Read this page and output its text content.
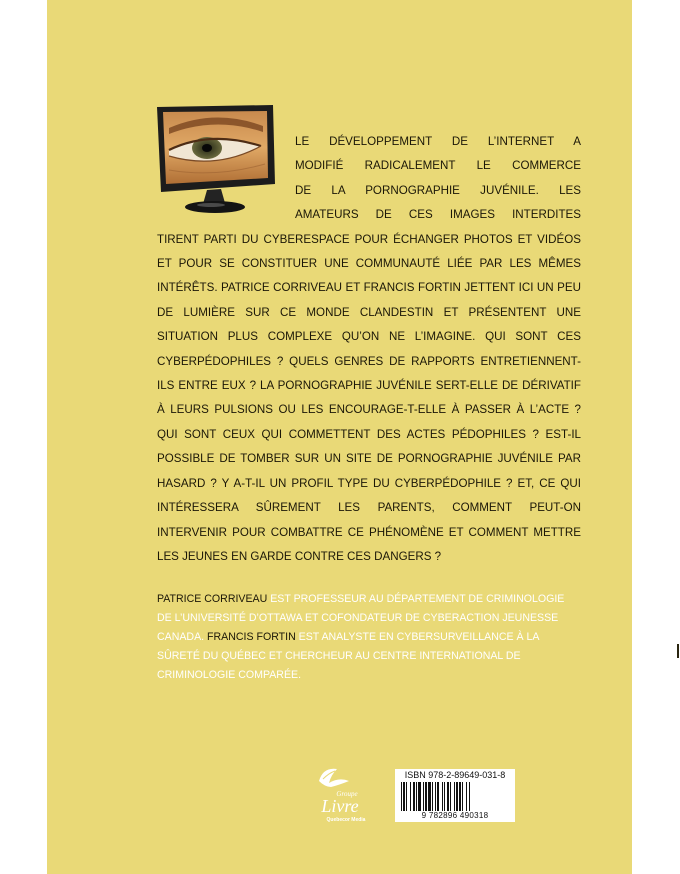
LE DÉVELOPPEMENT DE L’INTERNET A
MODIFIÉ RADICALEMENT LE COMMERCE
DE LA PORNOGRAPHIE JUVÉNILE. LES
AMATEURS DE CES IMAGES INTERDITES
TIRENT PARTI DU CYBERESPACE POUR ÉCHANGER PHOTOS ET VIDÉOS ET POUR SE CONSTITUER UNE COMMUNAUTÉ LIÉE PAR LES MÊMES INTÉRÊTS. PATRICE CORRIVEAU ET FRANCIS FORTIN JETTENT ICI UN PEU DE LUMIÈRE SUR CE MONDE CLANDESTIN ET PRÉSENTENT UNE SITUATION PLUS COMPLEXE QU’ON NE L’IMAGINE. QUI SONT CES CYBERPÉDOPHILES ? QUELS GENRES DE RAPPORTS ENTRETIENNENT-ILS ENTRE EUX ? LA PORNOGRAPHIE JUVÉNILE SERT-ELLE DE DÉRIVATIF À LEURS PULSIONS OU LES ENCOURAGE-T-ELLE À PASSER À L’ACTE ? QUI SONT CEUX QUI COMMETTENT DES ACTES PÉDOPHILES ? EST-IL POSSIBLE DE TOMBER SUR UN SITE DE PORNOGRAPHIE JUVÉNILE PAR HASARD ? Y A-T-IL UN PROFIL TYPE DU CYBERPÉDOPHILE ? ET, CE QUI INTÉRESSERA SÛREMENT LES PARENTS, COMMENT PEUT-ON INTERVENIR POUR COMBATTRE CE PHÉNOMÈNE ET COMMENT METTRE LES JEUNES EN GARDE CONTRE CES DANGERS ?

PATRICE CORRIVEAU EST PROFESSEUR AU DÉPARTEMENT DE CRIMINOLOGIE DE L’UNIVERSITÉ D’OTTAWA ET COFONDATEUR DE CYBERACTION JEUNESSE CANADA. FRANCIS FORTIN EST ANALYSTE EN CYBERSURVEILLANCE À LA SÛRETÉ DU QUÉBEC ET CHERCHEUR AU CENTRE INTERNATIONAL DE CRIMINOLOGIE COMPARÉE.
Groupe
Livre
Quebecor Media
ISBN 978-2-89649-031-8
9 782896 490318
